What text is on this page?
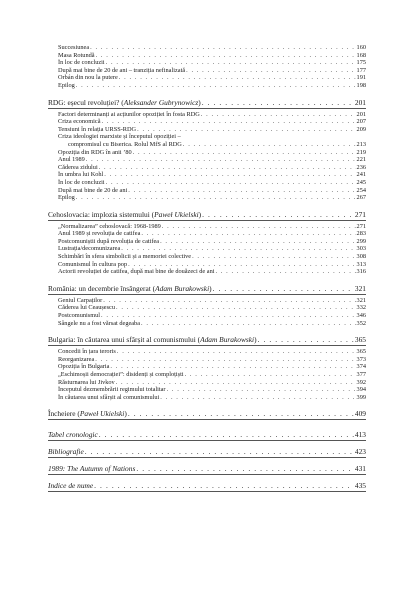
Succesiunea . . .	160
Masa Rotundă . . .	168
În loc de concluzii . . .	175
După mai bine de 20 de ani – tranziția nefinalizată . . .	177
Orbán din nou la putere . . .	191
Epilog . . .	198
RDG: eșecul revoluției? (Aleksander Gubrynowicz) . . .	201
Factori determinanți ai acțiunilor opoziției în fosta RDG . . .	201
Criza economică . . .	207
Tensiuni în relația URSS-RDG . . .	209
Criza ideologiei marxiste și începutul opoziției –
compromisul cu Biserica. Rolul MfS al RDG . . .	213
Opoziția din RDG în anii ’80 . . .	219
Anul 1989 . . .	221
Căderea zidului . . .	236
În umbra lui Kohl . . .	241
În loc de concluzii . . .	245
După mai bine de 20 de ani . . .	254
Epilog . . .	267
Cehoslovacia: implozia sistemului (Paweł Ukielski) . . .	271
„Normalizarea” cehoslovacă: 1968-1989 . . .	271
Anul 1989 și revoluția de catifea . . .	283
Postcomuniștii după revoluția de catifea . . .	299
Lustrația/decomunizarea . . .	303
Schimbări în sfera simbolicii și a memoriei colective . . .	308
Comunismul în cultura pop . . .	313
Actorii revoluției de catifea, după mai bine de douăzeci de ani . . .	316
România: un decembrie însângerat (Adam Burakowski) . . .	321
Geniul Carpaților . . .	321
Căderea lui Ceaușescu . . .	332
Postcomunismul . . .	346
Sângele nu a fost vărsat degeaba . . .	352
Bulgaria: în căutarea unui sfârșit al comunismului (Adam Burakowski) . . .	365
Concedii în țara teroris . . .	365
Reorganizarea . . .	373
Opoziția în Bulgaria . . .	374
„Eschimoșii democrației”: disidenți și comploțiști . . .	377
Răsturnarea lui Jivkov . . .	392
Începutul dezmembrării regimului totalitar . . .	394
În căutarea unui sfârșit al comunismului . . .	399
Încheiere (Paweł Ukielski) . . .	409
Tabel cronologic . . .	413
Bibliografie . . .	423
1989: The Autumn of Nations . . .	431
Indice de nume . . .	435
